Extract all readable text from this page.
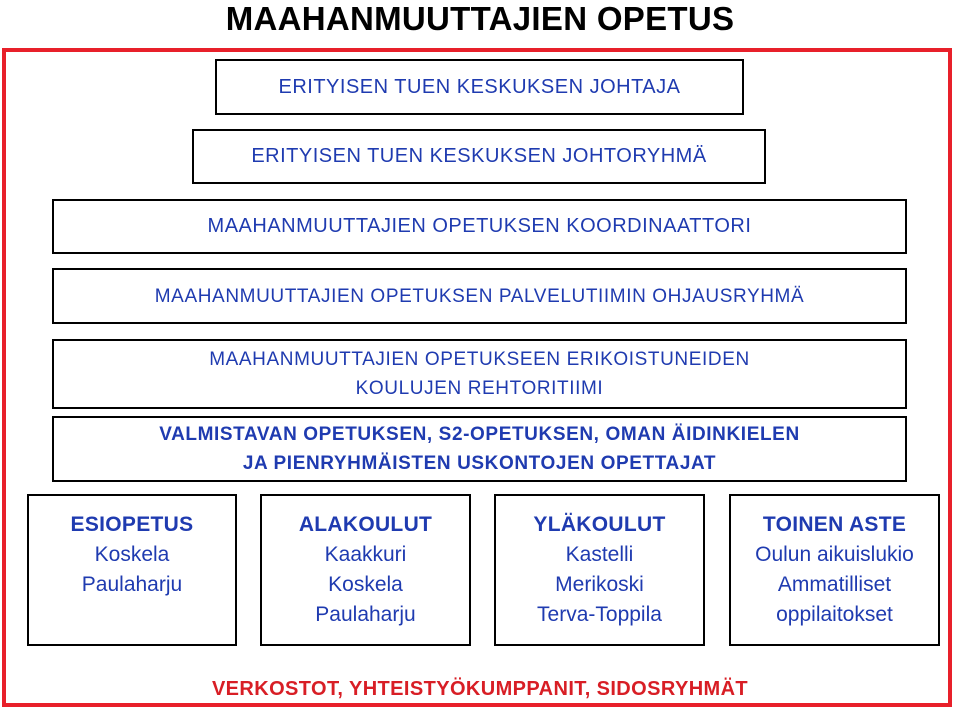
MAAHANMUUTTAJIEN OPETUS
ERITYISEN TUEN KESKUKSEN JOHTAJA
ERITYISEN TUEN KESKUKSEN JOHTORYHMÄ
MAAHANMUUTTAJIEN OPETUKSEN KOORDINAATTORI
MAAHANMUUTTAJIEN OPETUKSEN PALVELUTIIMIN OHJAUSRYHMÄ
MAAHANMUUTTAJIEN OPETUKSEEN ERIKOISTUNEIDEN
KOULUJEN REHTORITIIMI
VALMISTAVAN OPETUKSEN, S2-OPETUKSEN, OMAN ÄIDINKIELEN
JA PIENRYHMÄISTEN USKONTOJEN OPETTAJAT
ESIOPETUS
Koskela
Paulaharju
ALAKOULUT
Kaakkuri
Koskela
Paulaharju
YLÄKOULUT
Kastelli
Merikoski
Terva-Toppila
TOINEN ASTE
Oulun aikuislukio
Ammatilliset
oppilaitokset
VERKOSTOT, YHTEISTYÖKUMPPANIT, SIDOSRYHMÄT
